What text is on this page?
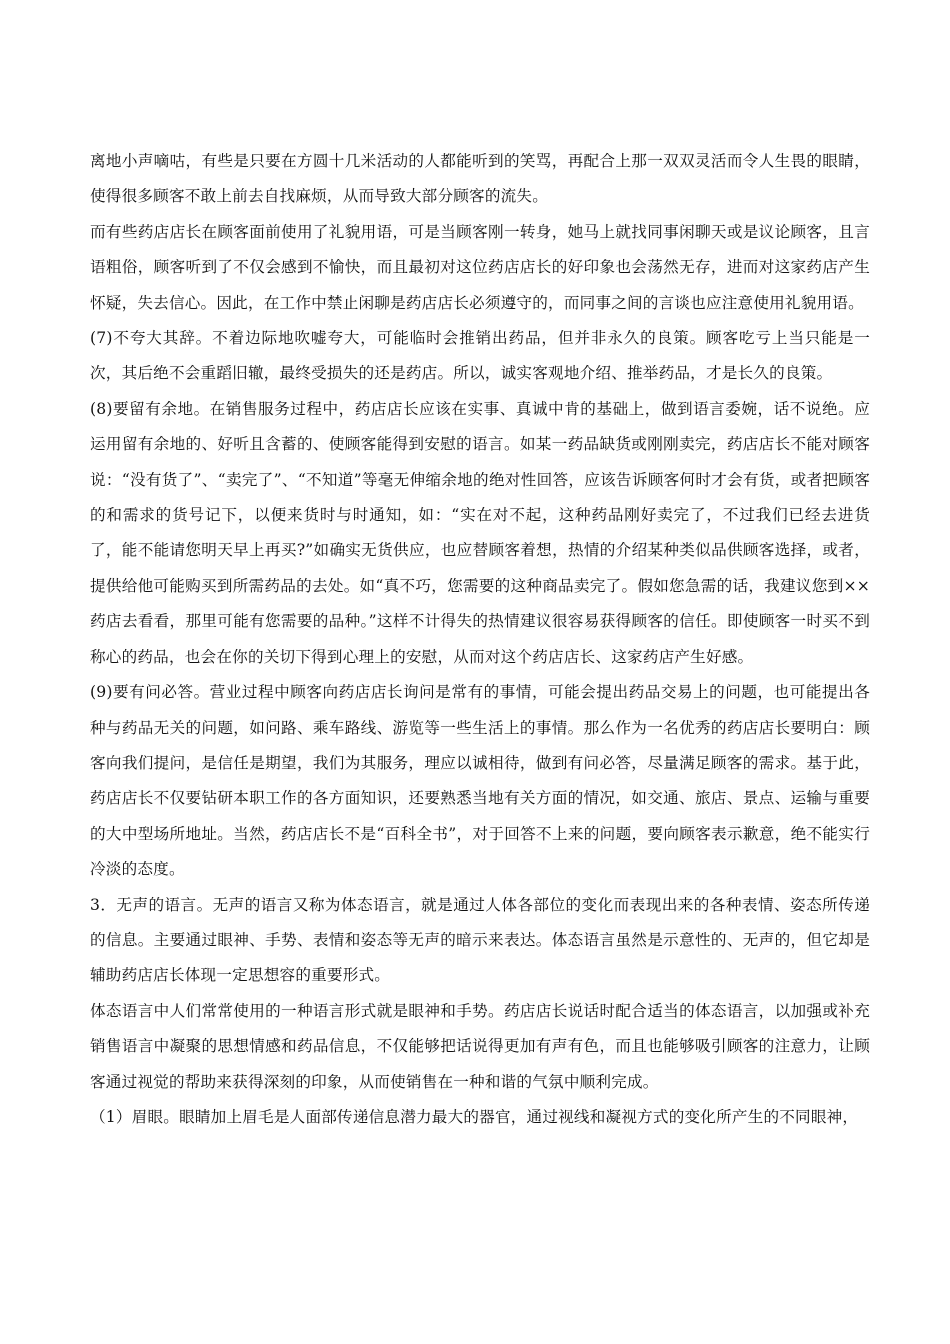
离地小声嘀咕，有些是只要在方圆十几米活动的人都能听到的笑骂，再配合上那一双双灵活而令人生畏的眼睛，使得很多顾客不敢上前去自找麻烦，从而导致大部分顾客的流失。

而有些药店店长在顾客面前使用了礼貌用语，可是当顾客刚一转身，她马上就找同事闲聊天或是议论顾客，且言语粗俗，顾客听到了不仅会感到不愉快，而且最初对这位药店店长的好印象也会荡然无存，进而对这家药店产生怀疑，失去信心。因此，在工作中禁止闲聊是药店店长必须遵守的，而同事之间的言谈也应注意使用礼貌用语。

(7)不夸大其辞。不着边际地吹嘘夸大，可能临时会推销出药品，但并非永久的良策。顾客吃亏上当只能是一次，其后绝不会重蹈旧辙，最终受损失的还是药店。所以，诚实客观地介绍、推举药品，才是长久的良策。

(8)要留有余地。在销售服务过程中，药店店长应该在实事、真诚中肯的基础上，做到语言委婉，话不说绝。应运用留有余地的、好听且含蓄的、使顾客能得到安慰的语言。如某一药品缺货或刚刚卖完，药店店长不能对顾客说：“没有货了”、“卖完了”、“不知道”等毫无伸缩余地的绝对性回答，应该告诉顾客何时才会有货，或者把顾客的和需求的货号记下，以便来货时与时通知，如：“实在对不起，这种药品刚好卖完了，不过我们已经去进货了，能不能请您明天早上再买?”如确实无货供应，也应替顾客着想，热情的介绍某种类似品供顾客选择，或者，提供给他可能购买到所需药品的去处。如“真不巧，您需要的这种商品卖完了。假如您急需的话，我建议您到××药店去看看，那里可能有您需要的品种。”这样不计得失的热情建议很容易获得顾客的信任。即使顾客一时买不到称心的药品，也会在你的关切下得到心理上的安慰，从而对这个药店店长、这家药店产生好感。

(9)要有问必答。营业过程中顾客向药店店长询问是常有的事情，可能会提出药品交易上的问题，也可能提出各种与药品无关的问题，如问路、乘车路线、游览等一些生活上的事情。那么作为一名优秀的药店店长要明白：顾客向我们提问，是信任是期望，我们为其服务，理应以诚相待，做到有问必答，尽量满足顾客的需求。基于此，药店店长不仅要钻研本职工作的各方面知识，还要熟悉当地有关方面的情况，如交通、旅店、景点、运输与重要的大中型场所地址。当然，药店店长不是“百科全书”，对于回答不上来的问题，要向顾客表示歉意，绝不能实行冷淡的态度。

3．无声的语言。无声的语言又称为体态语言，就是通过人体各部位的变化而表现出来的各种表情、姿态所传递的信息。主要通过眼神、手势、表情和姿态等无声的暗示来表达。体态语言虽然是示意性的、无声的，但它却是辅助药店店长体现一定思想容的重要形式。

体态语言中人们常常使用的一种语言形式就是眼神和手势。药店店长说话时配合适当的体态语言，以加强或补充销售语言中凝聚的思想情感和药品信息，不仅能够把话说得更加有声有色，而且也能够吸引顾客的注意力，让顾客通过视觉的帮助来获得深刻的印象，从而使销售在一种和谐的气氛中顺利完成。

（1）眉眼。眼睛加上眉毛是人面部传递信息潜力最大的器官，通过视线和凝视方式的变化所产生的不同眼神，
